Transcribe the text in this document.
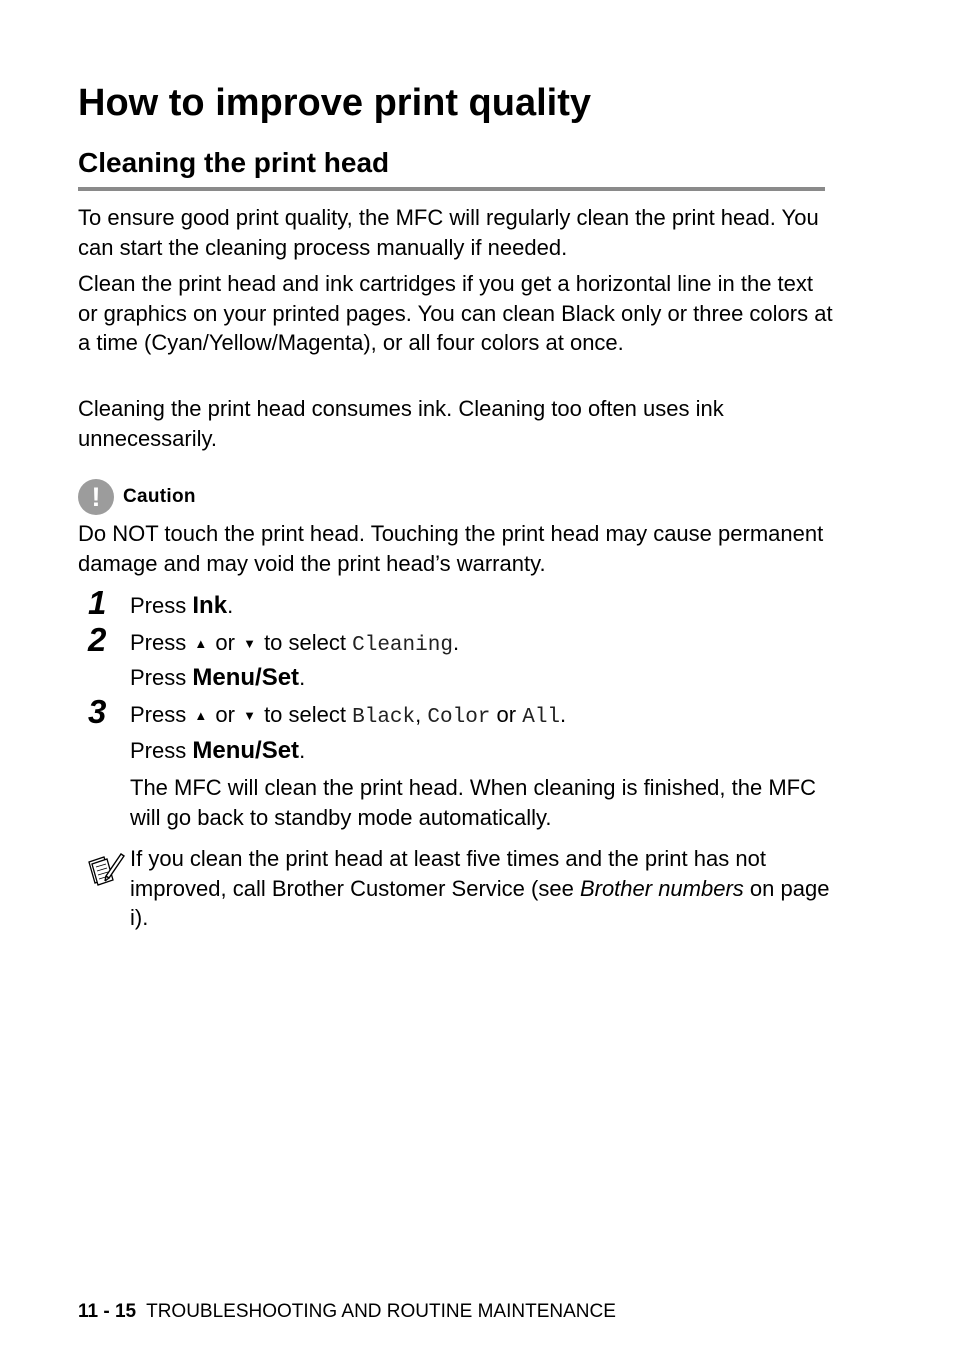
How to improve print quality
Cleaning the print head

To ensure good print quality, the MFC will regularly clean the print head. You can start the cleaning process manually if needed.

Clean the print head and ink cartridges if you get a horizontal line in the text or graphics on your printed pages. You can clean Black only or three colors at a time (Cyan/Yellow/Magenta), or all four colors at once.

Cleaning the print head consumes ink. Cleaning too often uses ink unnecessarily.

!	Caution

Do NOT touch the print head. Touching the print head may cause permanent damage and may void the print head’s warranty.

1 Press Ink.

2 Press ▲ or ▼ to select Cleaning.

Press Menu/Set.

3 Press ▲ or ▼ to select Black, Color or All.

Press Menu/Set.

The MFC will clean the print head. When cleaning is finished, the MFC will go back to standby mode automatically.

If you clean the print head at least five times and the print has not improved, call Brother Customer Service (see Brother numbers on page i).

11 - 15 TROUBLESHOOTING AND ROUTINE MAINTENANCE
